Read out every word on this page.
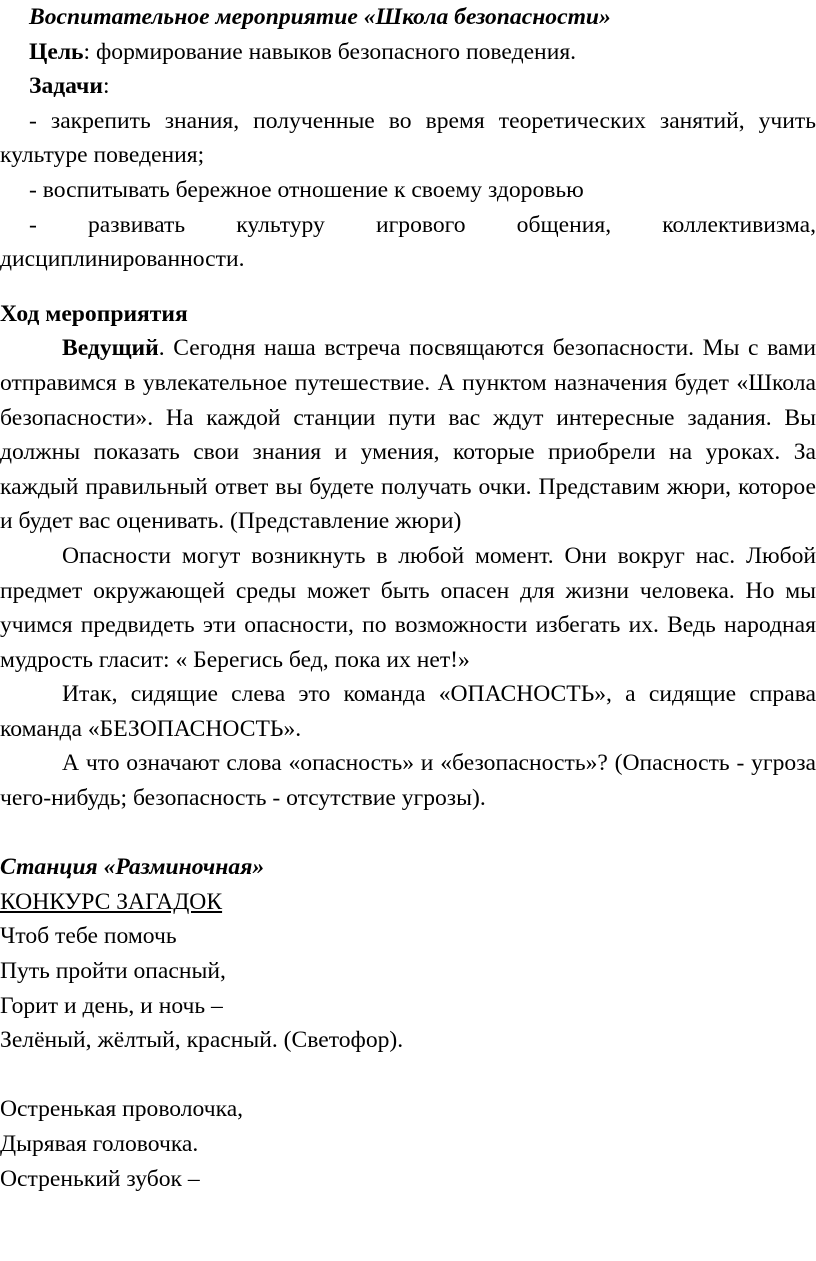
Воспитательное мероприятие «Школа безопасности»

Цель: формирование навыков безопасного поведения.

Задачи:

- закрепить знания, полученные во время теоретических занятий, учить культуре поведения;

- воспитывать бережное отношение к своему здоровью

- развивать культуру игрового общения, коллективизма, дисциплинированности.

Ход мероприятия

Ведущий. Сегодня наша встреча посвящаются безопасности. Мы с вами отправимся в увлекательное путешествие. А пунктом назначения будет «Школа безопасности». На каждой станции пути вас ждут интересные задания. Вы должны показать свои знания и умения, которые приобрели на уроках. За каждый правильный ответ вы будете получать очки. Представим жюри, которое и будет вас оценивать. (Представление жюри)

Опасности могут возникнуть в любой момент. Они вокруг нас. Любой предмет окружающей среды может быть опасен для жизни человека. Но мы учимся предвидеть эти опасности, по возможности избегать их. Ведь народная мудрость гласит: « Берегись бед, пока их нет!»

Итак, сидящие слева это команда «ОПАСНОСТЬ», а сидящие справа команда «БЕЗОПАСНОСТЬ».

А что означают слова «опасность» и «безопасность»? (Опасность - угроза чего-нибудь; безопасность - отсутствие угрозы).

Станция «Разминочная»

КОНКУРС ЗАГАДОК

Чтоб тебе помочь

Путь пройти опасный,

Горит и день, и ночь –

Зелёный, жёлтый, красный. (Светофор).

Остренькая проволочка,

Дырявая головочка.

Остренький зубок –
